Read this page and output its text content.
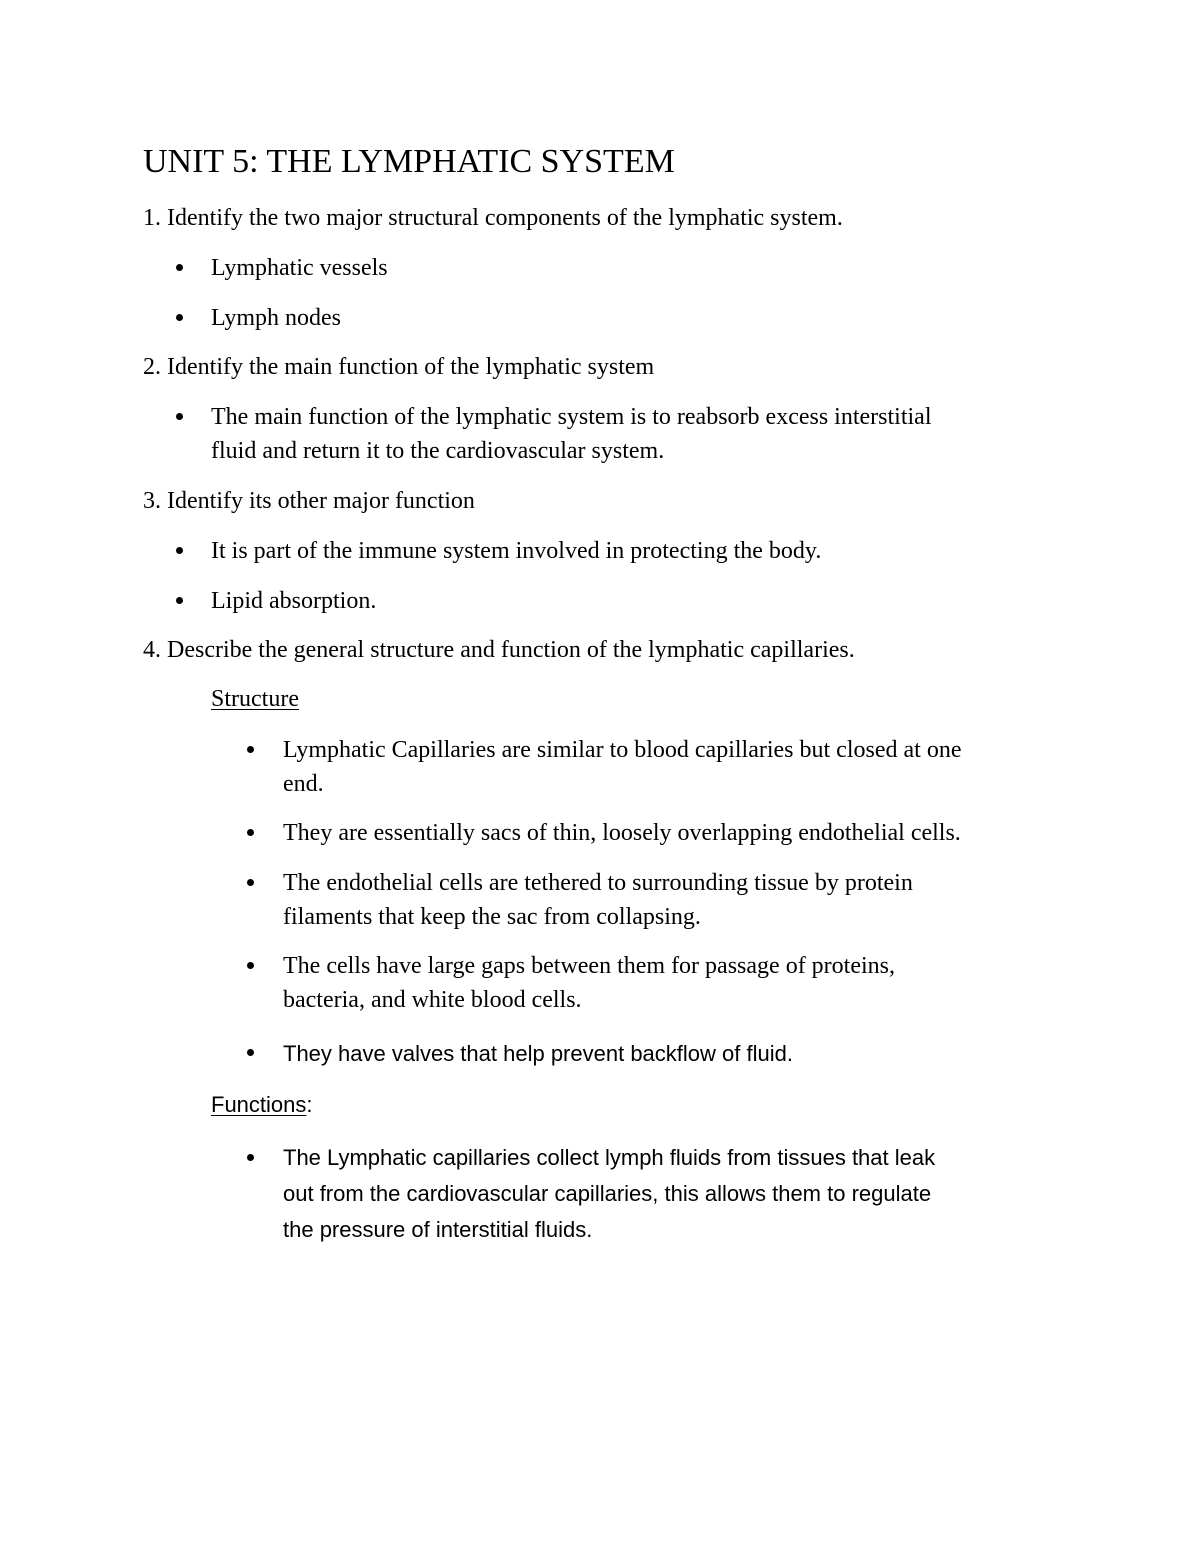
UNIT 5: THE LYMPHATIC SYSTEM

1. Identify the two major structural components of the lymphatic system.

Lymphatic vessels

Lymph nodes

2. Identify the main function of the lymphatic system

The main function of the lymphatic system is to reabsorb excess interstitial

fluid and return it to the cardiovascular system.

3. Identify its other major function

It is part of the immune system involved in protecting the body.

Lipid absorption.

4. Describe the general structure and function of the lymphatic capillaries.

Structure

Lymphatic Capillaries are similar to blood capillaries but closed at one

end.

They are essentially sacs of thin, loosely overlapping endothelial cells.

The endothelial cells are tethered to surrounding tissue by protein

filaments that keep the sac from collapsing.

The cells have large gaps between them for passage of proteins,

bacteria, and white blood cells.

They have valves that help prevent backflow of fluid.

Functions:

The Lymphatic capillaries collect lymph fluids from tissues that leak

out from the cardiovascular capillaries, this allows them to regulate

the pressure of interstitial fluids.
